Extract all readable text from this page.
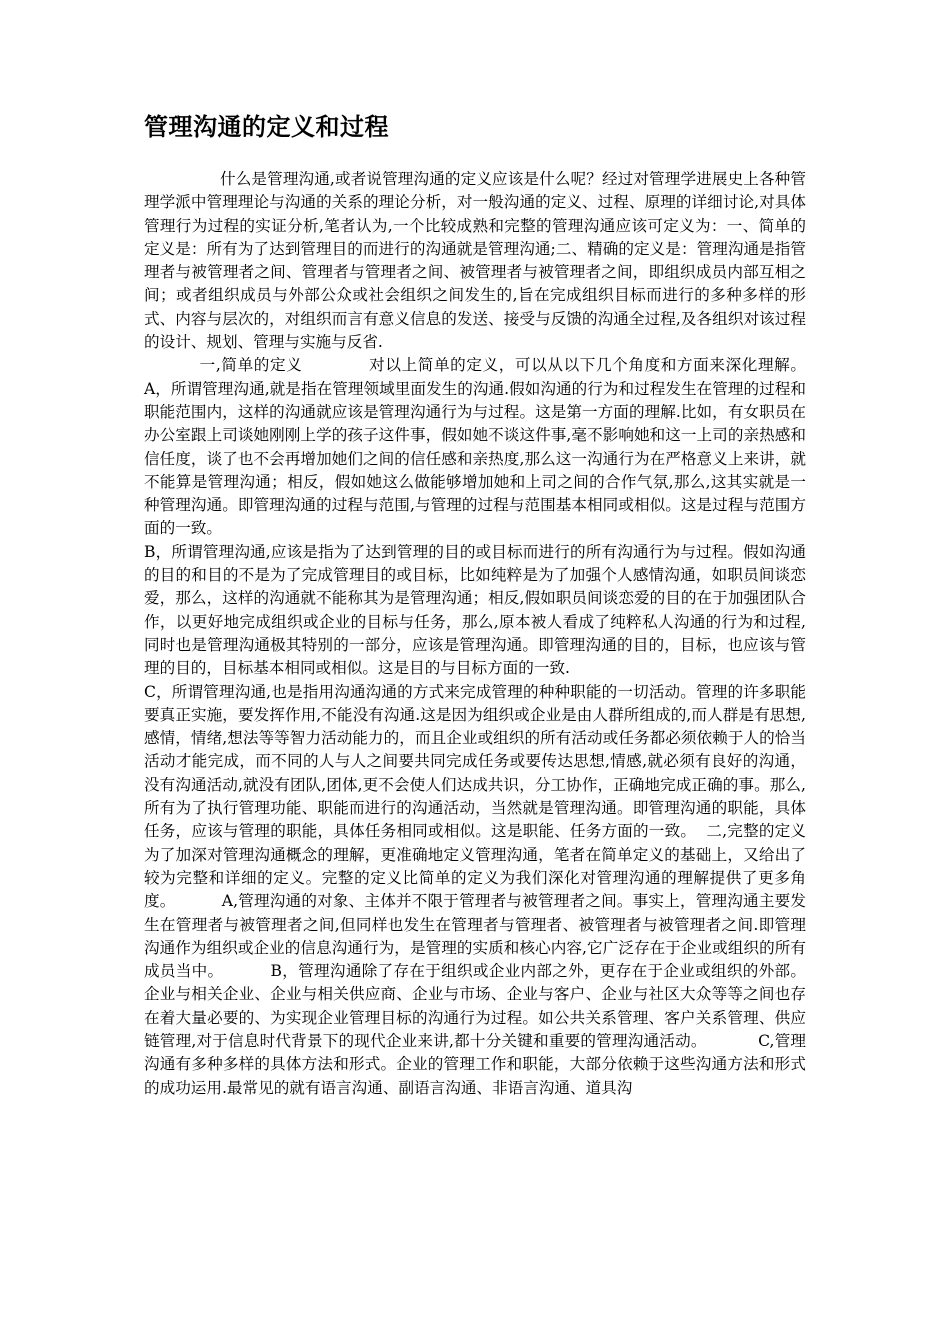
管理沟通的定义和过程
什么是管理沟通,或者说管理沟通的定义应该是什么呢？经过对管理学进展史上各种管理学派中管理理论与沟通的关系的理论分析，对一般沟通的定义、过程、原理的详细讨论,对具体管理行为过程的实证分析,笔者认为,一个比较成熟和完整的管理沟通应该可定义为：一、简单的定义是：所有为了达到管理目的而进行的沟通就是管理沟通;二、精确的定义是：管理沟通是指管理者与被管理者之间、管理者与管理者之间、被管理者与被管理者之间，即组织成员内部互相之间；或者组织成员与外部公众或社会组织之间发生的,旨在完成组织目标而进行的多种多样的形式、内容与层次的，对组织而言有意义信息的发送、接受与反馈的沟通全过程,及各组织对该过程的设计、规划、管理与实施与反省.
一,简单的定义            对以上简单的定义，可以从以下几个角度和方面来深化理解。          A，所谓管理沟通,就是指在管理领域里面发生的沟通.假如沟通的行为和过程发生在管理的过程和职能范围内，这样的沟通就应该是管理沟通行为与过程。这是第一方面的理解.比如，有女职员在办公室跟上司谈她刚刚上学的孩子这件事，假如她不谈这件事,毫不影响她和这一上司的亲热感和信任度，谈了也不会再增加她们之间的信任感和亲热度,那么这一沟通行为在严格意义上来讲，就不能算是管理沟通；相反，假如她这么做能够增加她和上司之间的合作气氛,那么,这其实就是一种管理沟通。即管理沟通的过程与范围,与管理的过程与范围基本相同或相似。这是过程与范围方面的一致。
B，所谓管理沟通,应该是指为了达到管理的目的或目标而进行的所有沟通行为与过程。假如沟通的目的和目的不是为了完成管理目的或目标，比如纯粹是为了加强个人感情沟通，如职员间谈恋爱，那么，这样的沟通就不能称其为是管理沟通；相反,假如职员间谈恋爱的目的在于加强团队合作，以更好地完成组织或企业的目标与任务，那么,原本被人看成了纯粹私人沟通的行为和过程,同时也是管理沟通极其特别的一部分，应该是管理沟通。即管理沟通的目的，目标，也应该与管理的目的，目标基本相同或相似。这是目的与目标方面的一致.
C，所谓管理沟通,也是指用沟通沟通的方式来完成管理的种种职能的一切活动。管理的许多职能要真正实施，要发挥作用,不能没有沟通.这是因为组织或企业是由人群所组成的,而人群是有思想,感情，情绪,想法等等智力活动能力的，而且企业或组织的所有活动或任务都必须依赖于人的恰当活动才能完成，而不同的人与人之间要共同完成任务或要传达思想,情感,就必须有良好的沟通，没有沟通活动,就没有团队,团体,更不会使人们达成共识，分工协作，正确地完成正确的事。那么,所有为了执行管理功能、职能而进行的沟通活动，当然就是管理沟通。即管理沟通的职能，具体任务，应该与管理的职能，具体任务相同或相似。这是职能、任务方面的一致。  二,完整的定义          为了加深对管理沟通概念的理解，更准确地定义管理沟通，笔者在简单定义的基础上，又给出了较为完整和详细的定义。完整的定义比简单的定义为我们深化对管理沟通的理解提供了更多角度。         A,管理沟通的对象、主体并不限于管理者与被管理者之间。事实上，管理沟通主要发生在管理者与被管理者之间,但同样也发生在管理者与管理者、被管理者与被管理者之间.即管理沟通作为组织或企业的信息沟通行为，是管理的实质和核心内容,它广泛存在于企业或组织的所有成员当中。         B，管理沟通除了存在于组织或企业内部之外，更存在于企业或组织的外部。企业与相关企业、企业与相关供应商、企业与市场、企业与客户、企业与社区大众等等之间也存在着大量必要的、为实现企业管理目标的沟通行为过程。如公共关系管理、客户关系管理、供应链管理,对于信息时代背景下的现代企业来讲,都十分关键和重要的管理沟通活动。          C,管理沟通有多种多样的具体方法和形式。企业的管理工作和职能，大部分依赖于这些沟通方法和形式的成功运用.最常见的就有语言沟通、副语言沟通、非语言沟通、道具沟
